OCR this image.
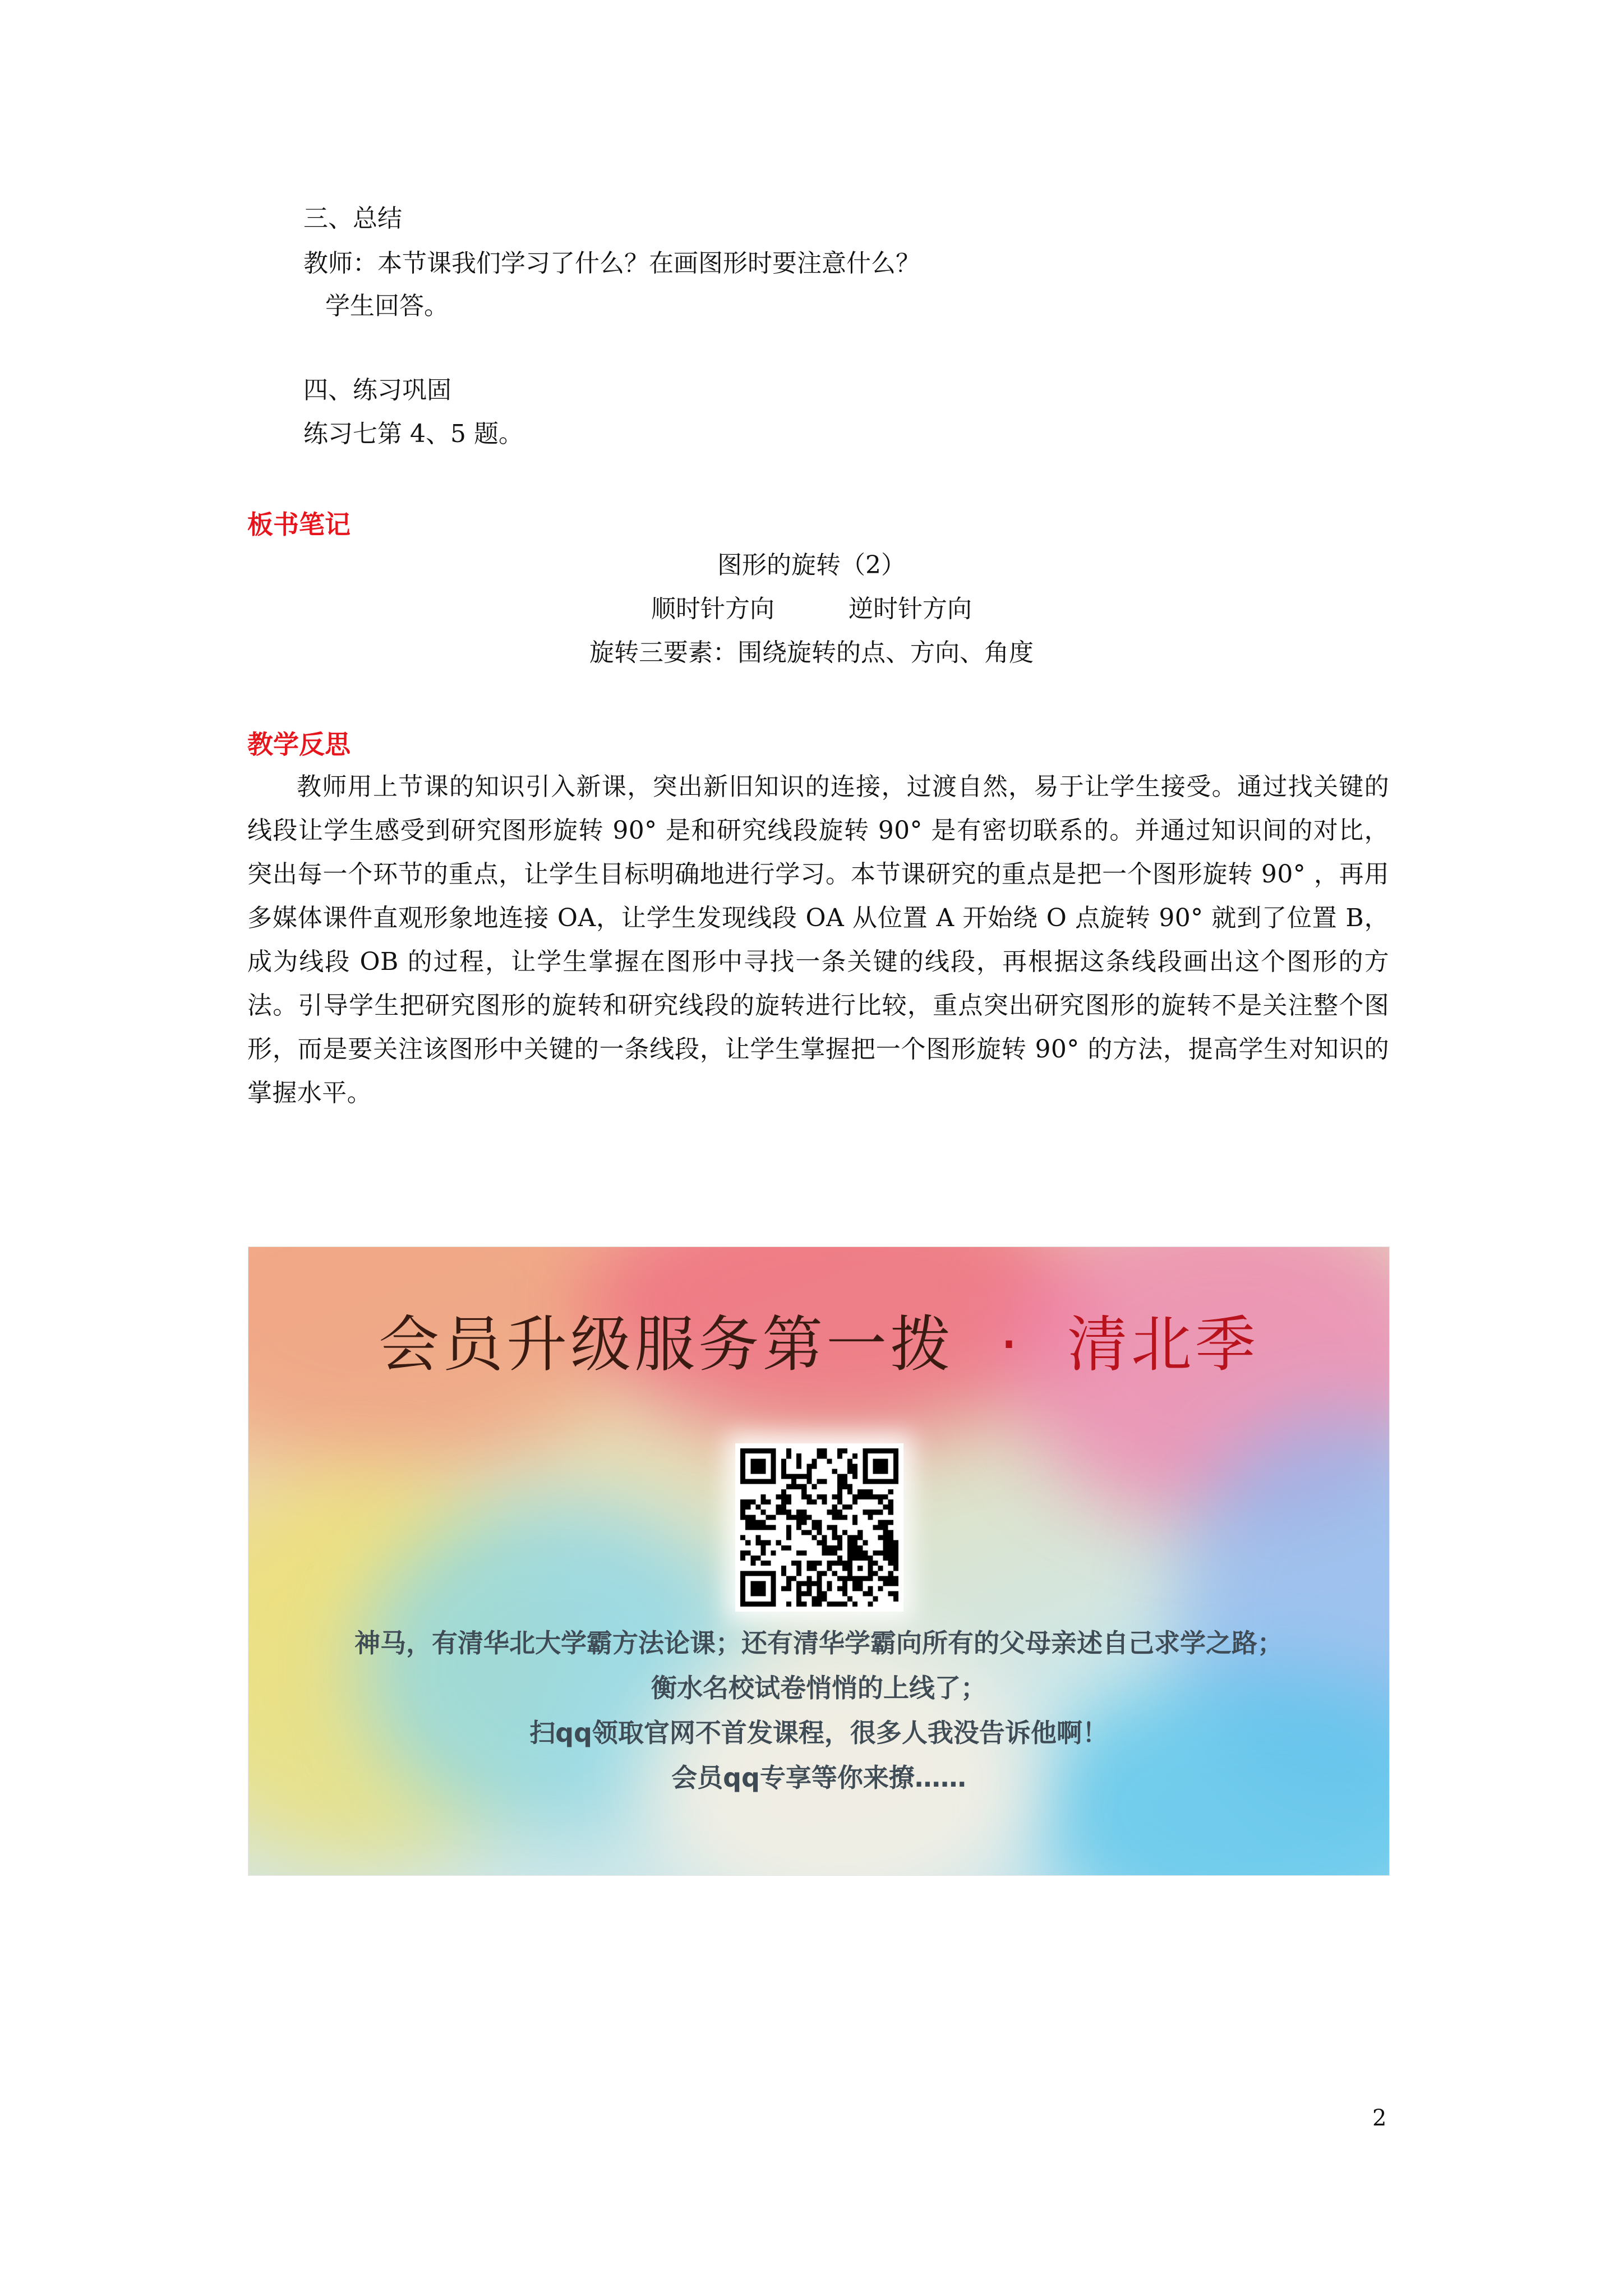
三、总结

教师：本节课我们学习了什么？在画图形时要注意什么？

学生回答。

四、练习巩固

练习七第 4、5 题。

板书笔记

图形的旋转（2）

顺时针方向　　　逆时针方向

旋转三要素：围绕旋转的点、方向、角度

教学反思

教师用上节课的知识引入新课，突出新旧知识的连接，过渡自然，易于让学生接受。通过找关键的线段让学生感受到研究图形旋转 90° 是和研究线段旋转 90° 是有密切联系的。并通过知识间的对比，突出每一个环节的重点，让学生目标明确地进行学习。本节课研究的重点是把一个图形旋转 90° ，再用多媒体课件直观形象地连接 OA，让学生发现线段 OA 从位置 A 开始绕 O 点旋转 90° 就到了位置 B，成为线段 OB 的过程，让学生掌握在图形中寻找一条关键的线段，再根据这条线段画出这个图形的方法。引导学生把研究图形的旋转和研究线段的旋转进行比较，重点突出研究图形的旋转不是关注整个图形，而是要关注该图形中关键的一条线段，让学生掌握把一个图形旋转 90° 的方法，提高学生对知识的掌握水平。

会员升级服务第一拨 · 清北季

神马，有清华北大学霸方法论课；还有清华学霸向所有的父母亲述自己求学之路；

衡水名校试卷悄悄的上线了；

扫qq领取官网不首发课程，很多人我没告诉他啊！

会员qq专享等你来撩……

2
